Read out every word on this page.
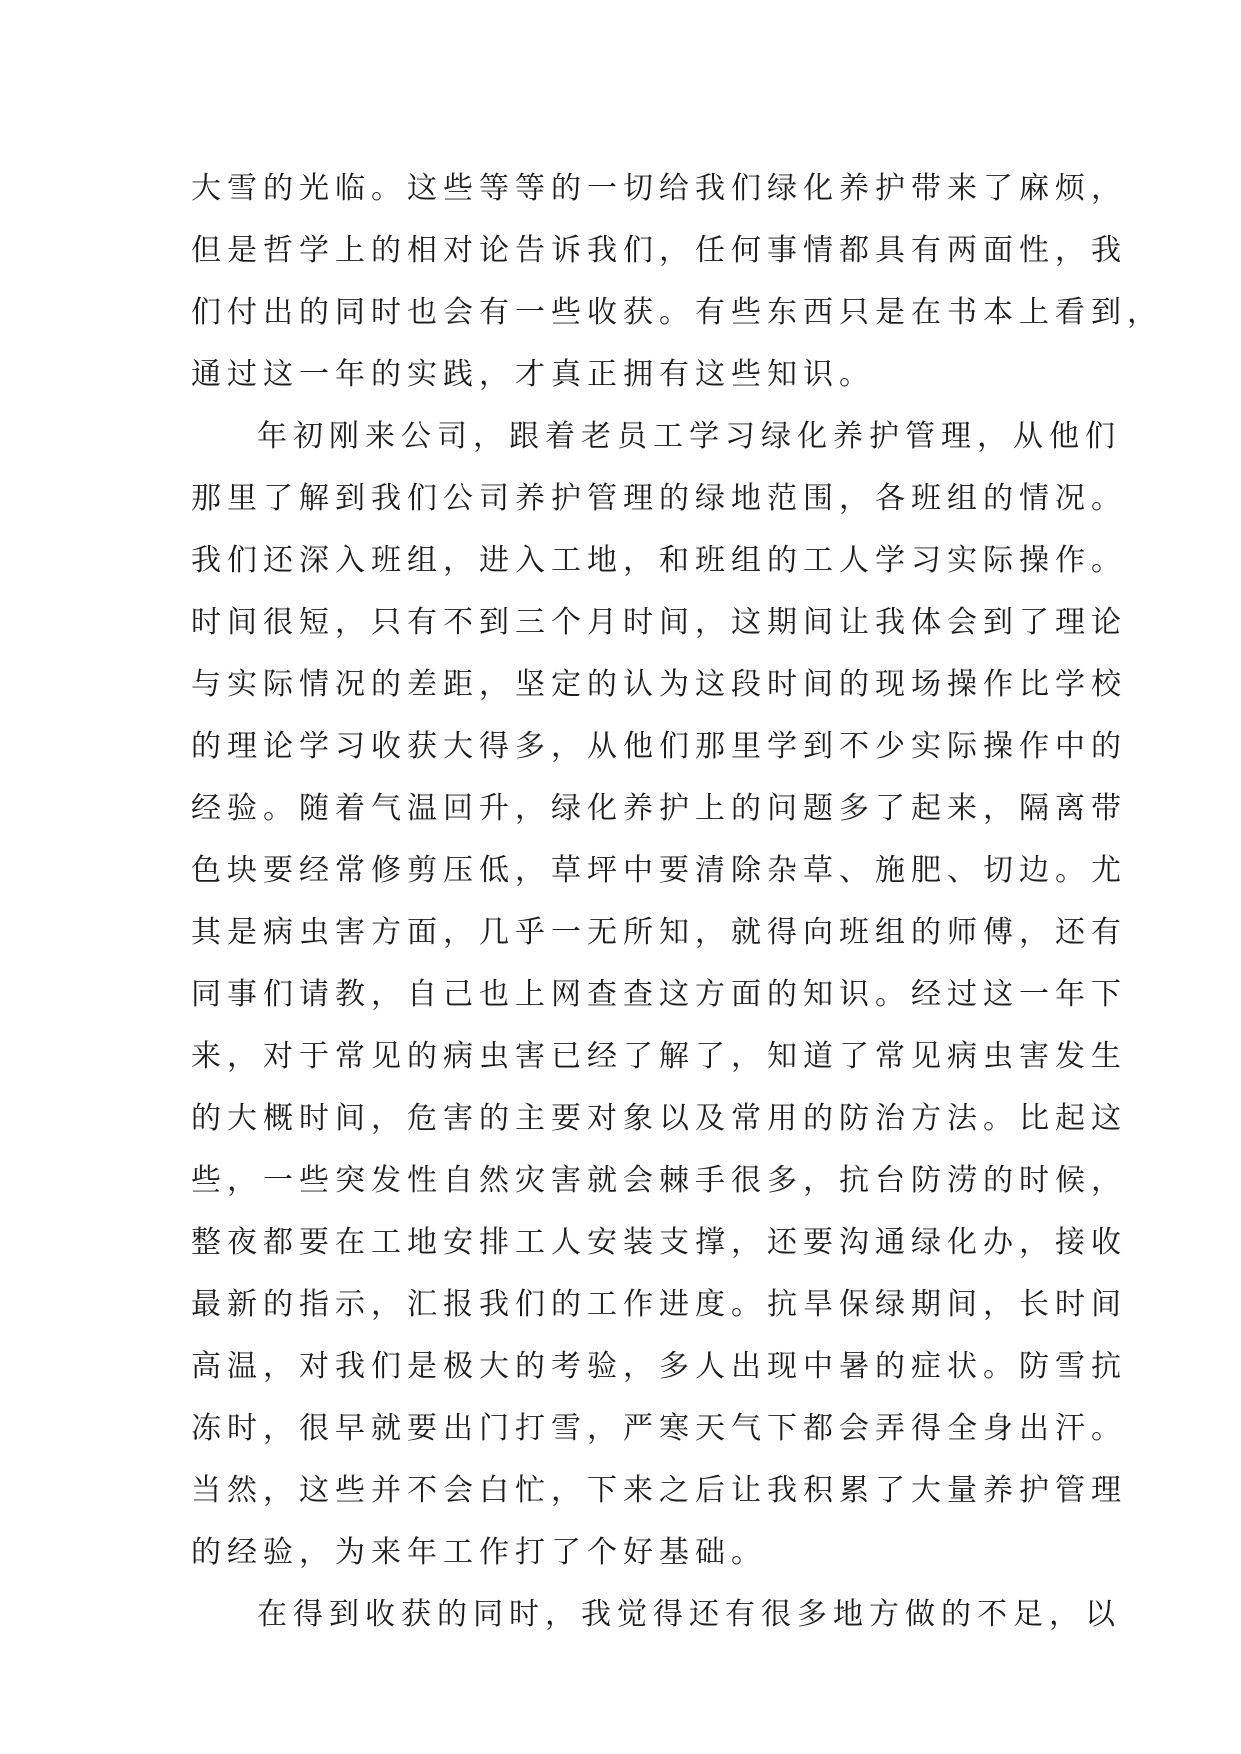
大雪的光临。这些等等的一切给我们绿化养护带来了麻烦，
但是哲学上的相对论告诉我们，任何事情都具有两面性，我
们付出的同时也会有一些收获。有些东西只是在书本上看到，
通过这一年的实践，才真正拥有这些知识。
年初刚来公司，跟着老员工学习绿化养护管理，从他们
那里了解到我们公司养护管理的绿地范围，各班组的情况。
我们还深入班组，进入工地，和班组的工人学习实际操作。
时间很短，只有不到三个月时间，这期间让我体会到了理论
与实际情况的差距，坚定的认为这段时间的现场操作比学校
的理论学习收获大得多，从他们那里学到不少实际操作中的
经验。随着气温回升，绿化养护上的问题多了起来，隔离带
色块要经常修剪压低，草坪中要清除杂草、施肥、切边。尤
其是病虫害方面，几乎一无所知，就得向班组的师傅，还有
同事们请教，自己也上网查查这方面的知识。经过这一年下
来，对于常见的病虫害已经了解了，知道了常见病虫害发生
的大概时间，危害的主要对象以及常用的防治方法。比起这
些，一些突发性自然灾害就会棘手很多，抗台防涝的时候，
整夜都要在工地安排工人安装支撑，还要沟通绿化办，接收
最新的指示，汇报我们的工作进度。抗旱保绿期间，长时间
高温，对我们是极大的考验，多人出现中暑的症状。防雪抗
冻时，很早就要出门打雪，严寒天气下都会弄得全身出汗。
当然，这些并不会白忙，下来之后让我积累了大量养护管理
的经验，为来年工作打了个好基础。
在得到收获的同时，我觉得还有很多地方做的不足，以
